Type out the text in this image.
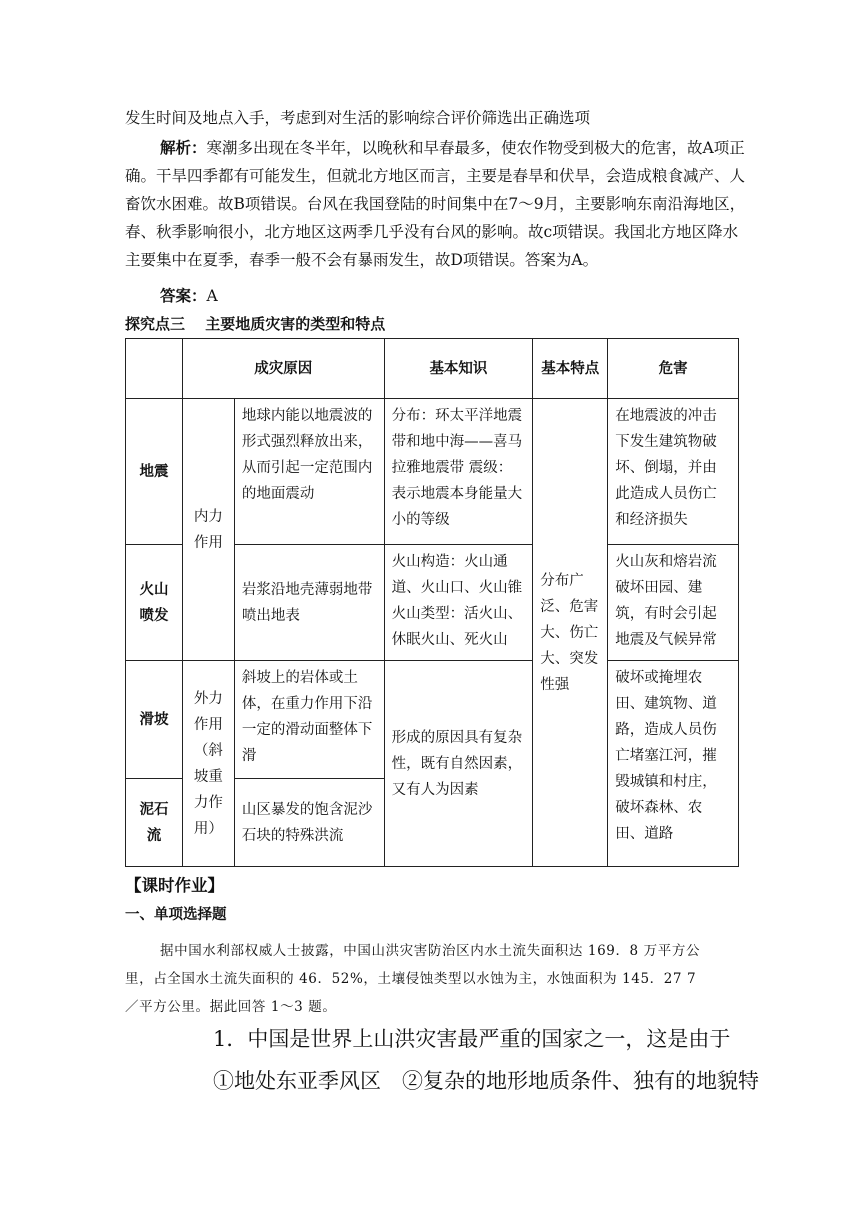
发生时间及地点入手，考虑到对生活的影响综合评价筛选出正确选项
解析：寒潮多出现在冬半年，以晚秋和早春最多，使农作物受到极大的危害，故A项正
确。干旱四季都有可能发生，但就北方地区而言，主要是春旱和伏旱，会造成粮食减产、人
畜饮水困难。故B项错误。台风在我国登陆的时间集中在7～9月，主要影响东南沿海地区，
春、秋季影响很小，北方地区这两季几乎没有台风的影响。故c项错误。我国北方地区降水
主要集中在夏季，春季一般不会有暴雨发生，故D项错误。答案为A。
答案：A
探究点三　 主要地质灾害的类型和特点
	成灾原因		基本知识	基本特点	危害
地震	内力作用	地球内能以地震波的形式强烈释放出来，从而引起一定范围内的地面震动	分布：环太平洋地震带和地中海——喜马拉雅地震带 震级：表示地震本身能量大小的等级	分布广泛、危害大、伤亡大、突发性强	在地震波的冲击下发生建筑物破坏、倒塌，并由此造成人员伤亡和经济损失
火山喷发		岩浆沿地壳薄弱地带喷出地表	火山构造：火山通道、火山口、火山锥火山类型：活火山、休眠火山、死火山		火山灰和熔岩流破坏田园、建筑，有时会引起地震及气候异常
滑坡	外力作用（斜坡重力作用）	斜坡上的岩体或土体，在重力作用下沿一定的滑动面整体下滑	形成的原因具有复杂性，既有自然因素，又有人为因素		破坏或掩埋农田、建筑物、道路，造成人员伤亡堵塞江河，摧毁城镇和村庄，破坏森林、农田、道路
泥石流		山区暴发的饱含泥沙石块的特殊洪流			
【课时作业】
一、单项选择题
据中国水利部权威人士披露，中国山洪灾害防治区内水土流失面积达 169．8 万平方公
里，占全国水土流失面积的 46．52%，土壤侵蚀类型以水蚀为主，水蚀面积为 145．27 7
／平方公里。据此回答 1～3 题。
1．中国是世界上山洪灾害最严重的国家之一，这是由于
①地处东亚季风区　②复杂的地形地质条件、独有的地貌特
